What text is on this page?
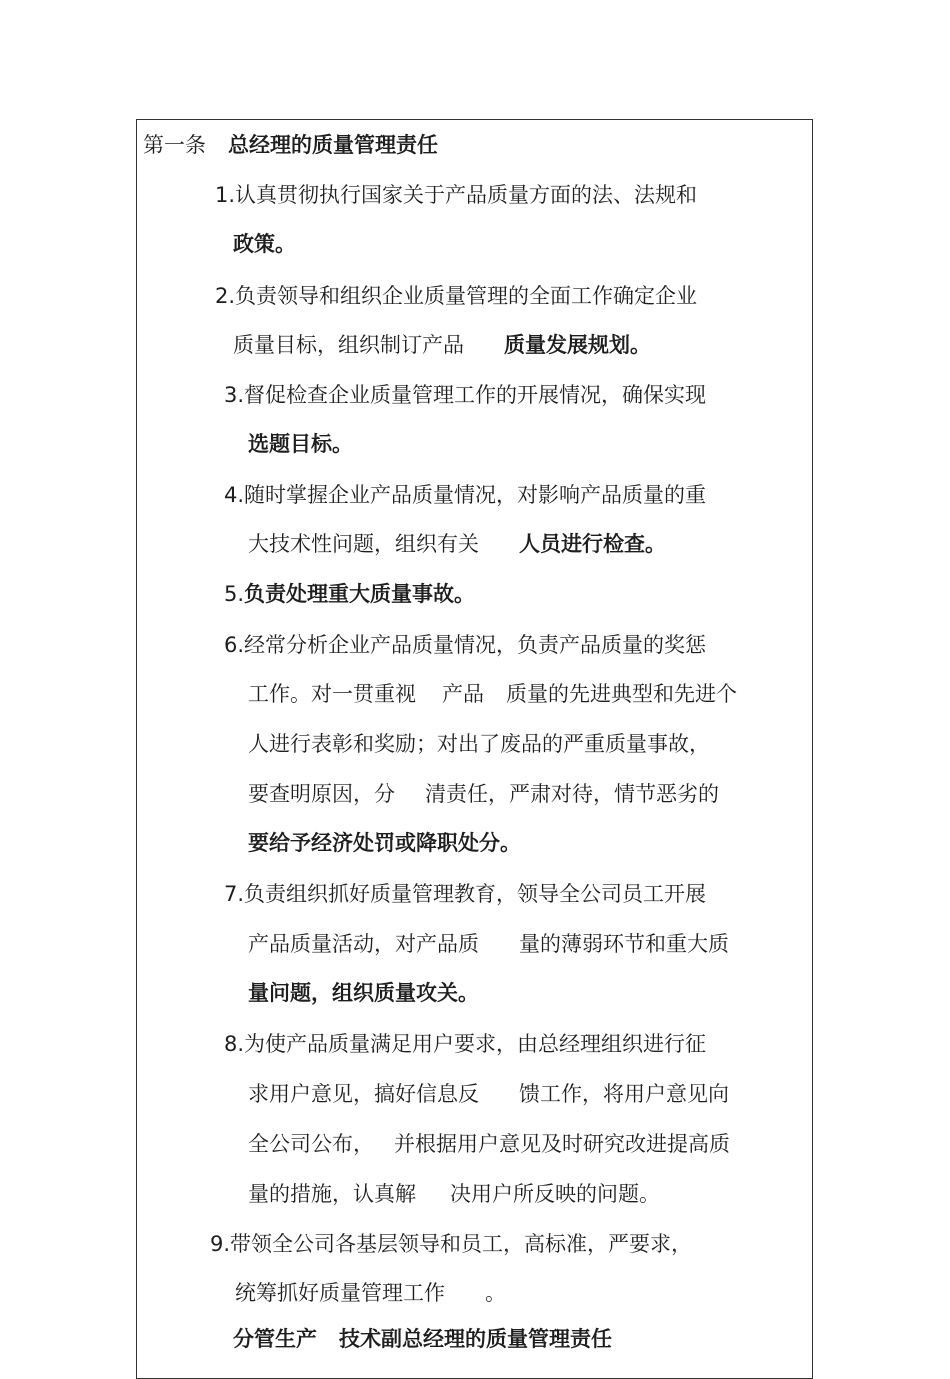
第一条 总经理的质量管理责任
1.认真贯彻执行国家关于产品质量方面的法、法规和
政策。
2.负责领导和组织企业质量管理的全面工作确定企业
质量目标，组织制订产品 质量发展规划。
3.督促检查企业质量管理工作的开展情况，确保实现
选题目标。
4.随时掌握企业产品质量情况，对影响产品质量的重
大技术性问题，组织有关 人员进行检查。
5.负责处理重大质量事故。
6.经常分析企业产品质量情况，负责产品质量的奖惩
工作。对一贯重视 产品 质量的先进典型和先进个
人进行表彰和奖励；对出了废品的严重质量事故，
要查明原因，分 清责任，严肃对待，情节恶劣的
要给予经济处罚或降职处分。
7.负责组织抓好质量管理教育，领导全公司员工开展
产品质量活动，对产品质 量的薄弱环节和重大质
量问题，组织质量攻关。
8.为使产品质量满足用户要求，由总经理组织进行征
求用户意见，搞好信息反 馈工作，将用户意见向
全公司公布， 并根据用户意见及时研究改进提高质
量的措施，认真解 决用户所反映的问题。
9.带领全公司各基层领导和员工，高标准，严要求，
统筹抓好质量管理工作 。
分管生产 技术副总经理的质量管理责任
